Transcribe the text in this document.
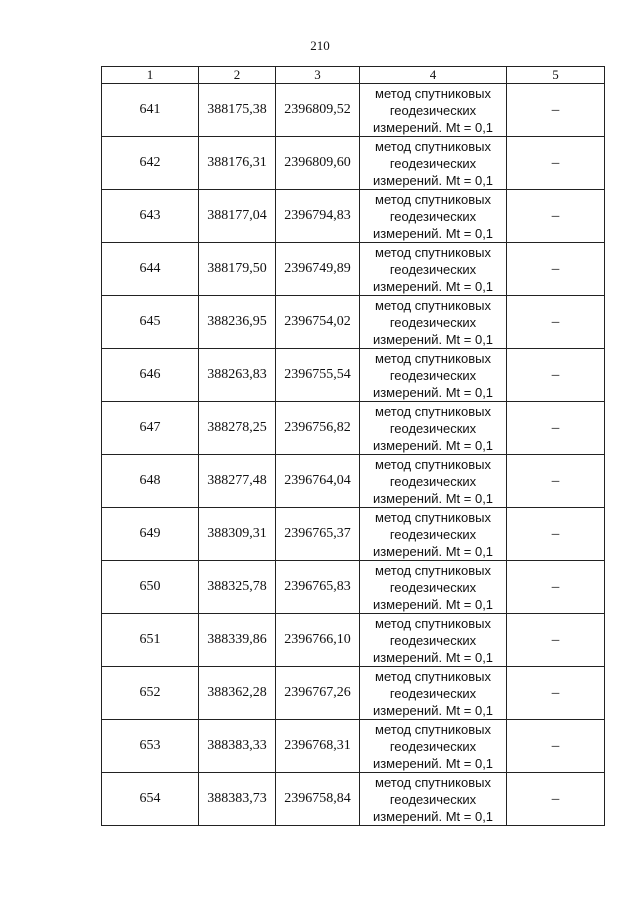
210
1	2	3	4	5
641	388175,38	2396809,52	метод спутниковых
геодезических
измерений. Mt = 0,1	–
642	388176,31	2396809,60	метод спутниковых
геодезических
измерений. Mt = 0,1	–
643	388177,04	2396794,83	метод спутниковых
геодезических
измерений. Mt = 0,1	–
644	388179,50	2396749,89	метод спутниковых
геодезических
измерений. Mt = 0,1	–
645	388236,95	2396754,02	метод спутниковых
геодезических
измерений. Mt = 0,1	–
646	388263,83	2396755,54	метод спутниковых
геодезических
измерений. Mt = 0,1	–
647	388278,25	2396756,82	метод спутниковых
геодезических
измерений. Mt = 0,1	–
648	388277,48	2396764,04	метод спутниковых
геодезических
измерений. Mt = 0,1	–
649	388309,31	2396765,37	метод спутниковых
геодезических
измерений. Mt = 0,1	–
650	388325,78	2396765,83	метод спутниковых
геодезических
измерений. Mt = 0,1	–
651	388339,86	2396766,10	метод спутниковых
геодезических
измерений. Mt = 0,1	–
652	388362,28	2396767,26	метод спутниковых
геодезических
измерений. Mt = 0,1	–
653	388383,33	2396768,31	метод спутниковых
геодезических
измерений. Mt = 0,1	–
654	388383,73	2396758,84	метод спутниковых
геодезических
измерений. Mt = 0,1	–
